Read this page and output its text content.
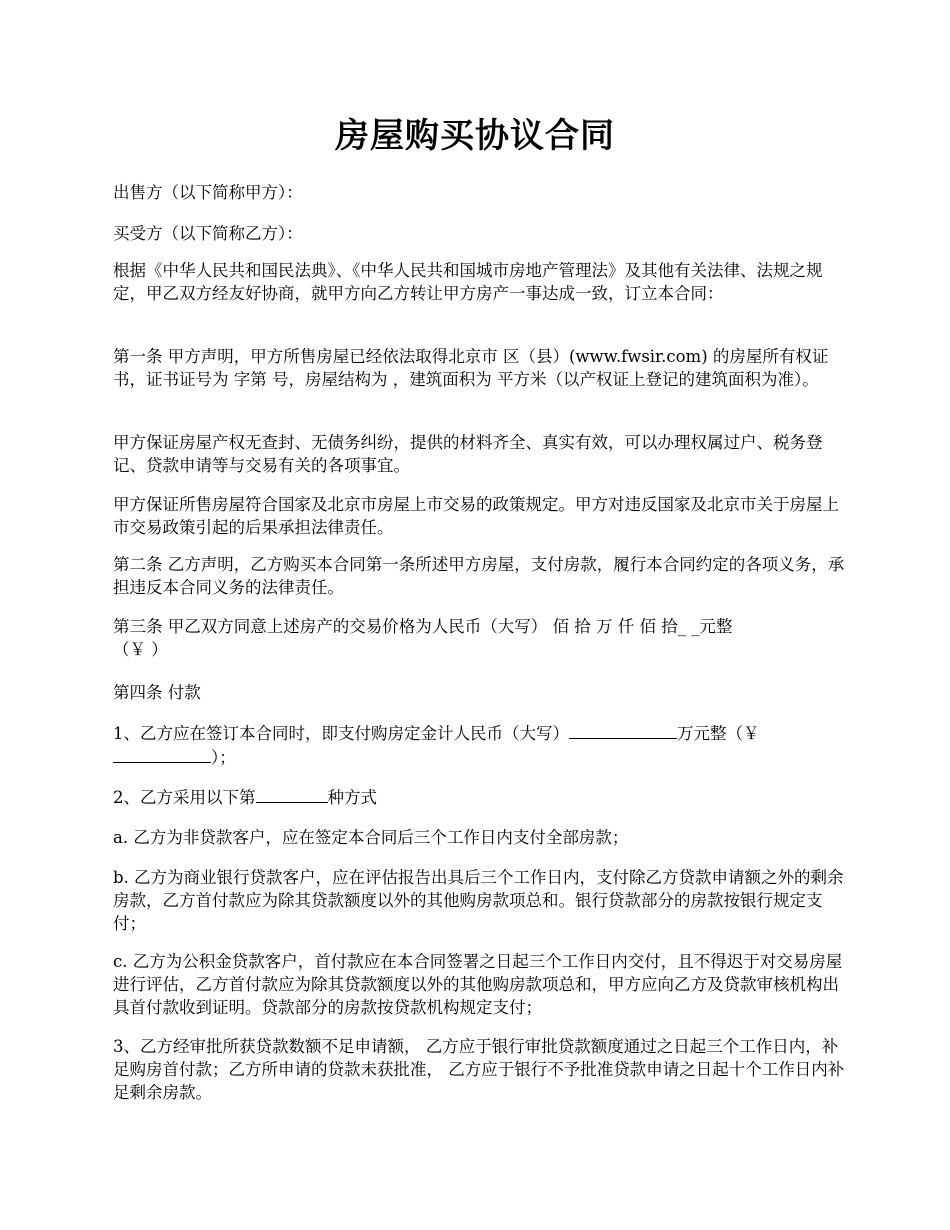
房屋购买协议合同
出售方（以下简称甲方）：
买受方（以下简称乙方）：
根据《中华人民共和国民法典》、《中华人民共和国城市房地产管理法》及其他有关法律、法规之规定，甲乙双方经友好协商，就甲方向乙方转让甲方房产一事达成一致，订立本合同：
第一条 甲方声明，甲方所售房屋已经依法取得北京市 区（县）(www.fwsir.com) 的房屋所有权证书，证书证号为 字第 号，房屋结构为 ，建筑面积为 平方米（以产权证上登记的建筑面积为准）。
甲方保证房屋产权无查封、无债务纠纷，提供的材料齐全、真实有效，可以办理权属过户、税务登记、贷款申请等与交易有关的各项事宜。
甲方保证所售房屋符合国家及北京市房屋上市交易的政策规定。甲方对违反国家及北京市关于房屋上市交易政策引起的后果承担法律责任。
第二条 乙方声明，乙方购买本合同第一条所述甲方房屋，支付房款，履行本合同约定的各项义务，承担违反本合同义务的法律责任。
第三条 甲乙双方同意上述房产的交易价格为人民币（大写） 佰 拾 万 仟 佰 拾_ _元整
（￥ ）
第四条 付款
1、乙方应在签订本合同时，即支付购房定金计人民币（大写）	万元整（￥
）；
2、乙方采用以下第	种方式
a. 乙方为非贷款客户，应在签定本合同后三个工作日内支付全部房款；
b. 乙方为商业银行贷款客户，应在评估报告出具后三个工作日内，支付除乙方贷款申请额之外的剩余房款，乙方首付款应为除其贷款额度以外的其他购房款项总和。银行贷款部分的房款按银行规定支付；
c. 乙方为公积金贷款客户，首付款应在本合同签署之日起三个工作日内交付，且不得迟于对交易房屋进行评估，乙方首付款应为除其贷款额度以外的其他购房款项总和，甲方应向乙方及贷款审核机构出具首付款收到证明。贷款部分的房款按贷款机构规定支付；
3、乙方经审批所获贷款数额不足申请额， 乙方应于银行审批贷款额度通过之日起三个工作日内，补足购房首付款；乙方所申请的贷款未获批准， 乙方应于银行不予批准贷款申请之日起十个工作日内补足剩余房款。
